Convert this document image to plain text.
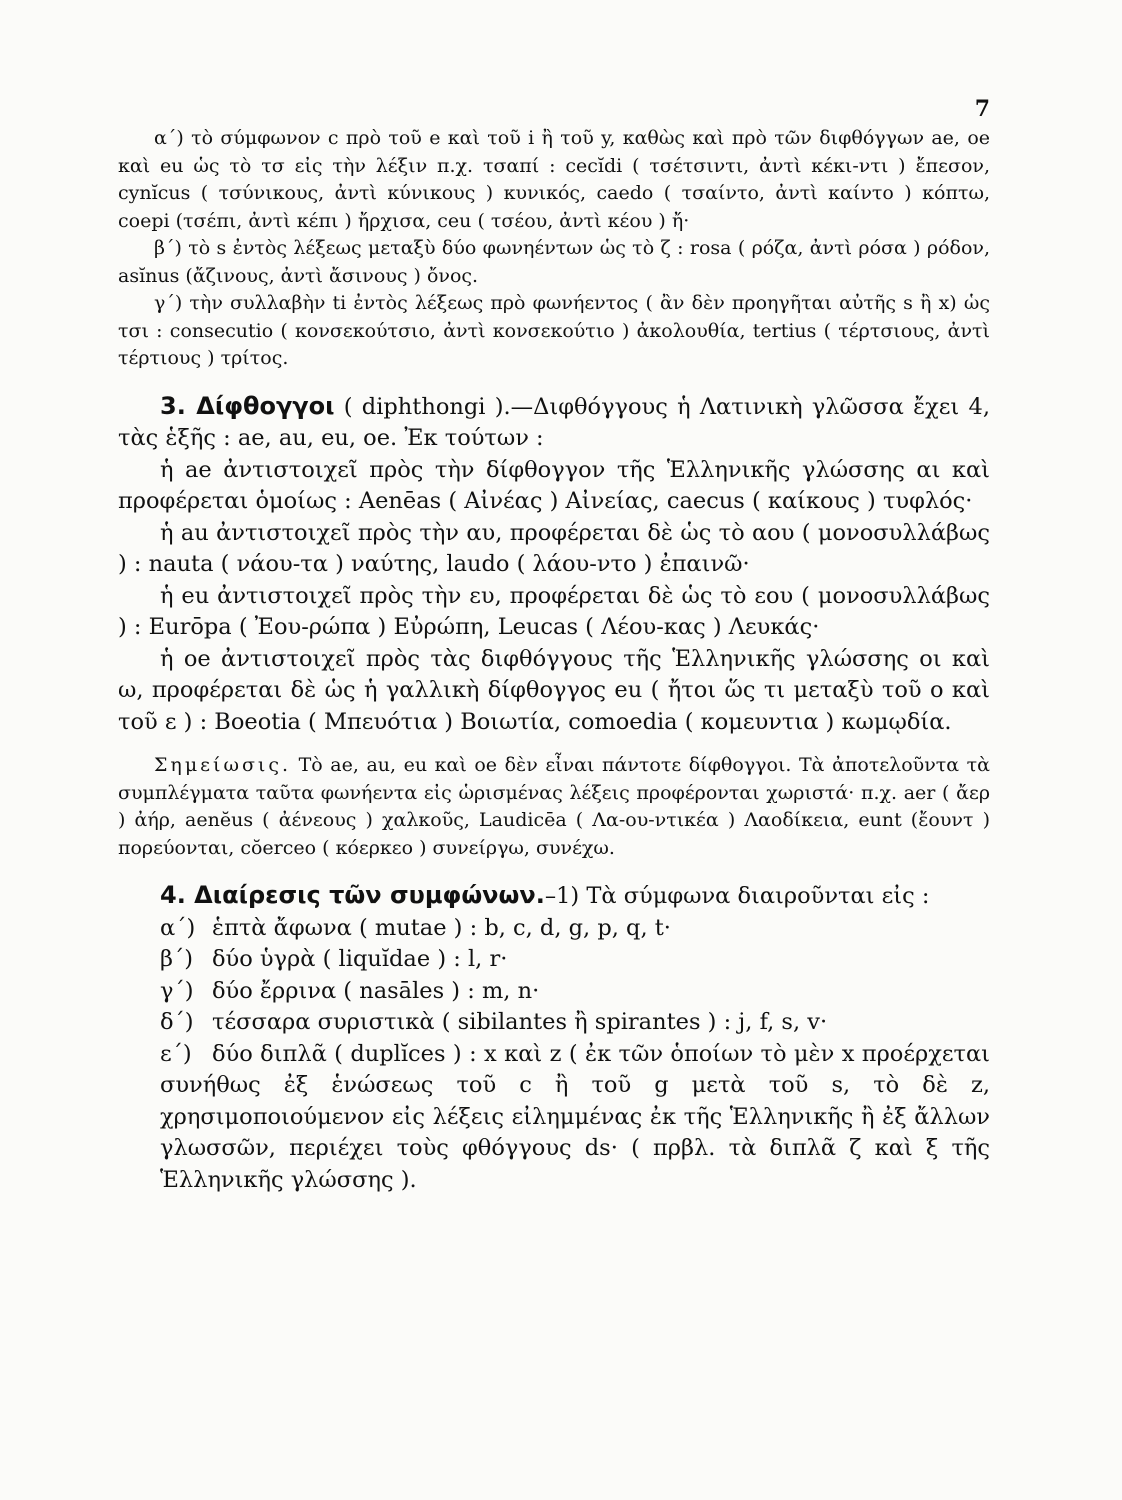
7

α΄) τὸ σύμφωνον c πρὸ τοῦ e καὶ τοῦ i ἢ τοῦ y, καθὼς καὶ πρὸ τῶν διφθόγγων ae, oe καὶ eu ὡς τὸ τσ εἰς τὴν λέξιν π.χ. τσαπί : cecĭdi ( τσέτσιντι, ἀντὶ κέκι-ντι ) ἔπεσον, cynĭcus ( τσύνικους, ἀντὶ κύνικους ) κυνικός, caedo ( τσαίντο, ἀντὶ καίντο ) κόπτω, coepi (τσέπι, ἀντὶ κέπι ) ἤρχισα, ceu ( τσέου, ἀντὶ κέου ) ἤ·

β΄) τὸ s ἐντὸς λέξεως μεταξὺ δύο φωνηέντων ὡς τὸ ζ : rosa ( ρόζα, ἀντὶ ρόσα ) ρόδον, asĭnus (ἄζινους, ἀντὶ ἄσινους ) ὄνος.

γ΄) τὴν συλλαβὴν ti ἐντὸς λέξεως πρὸ φωνήεντος ( ἂν δὲν προηγῆται αὐτῆς s ἢ x) ὡς τσι : consecutio ( κονσεκούτσιο, ἀντὶ κονσεκούτιο ) ἀκολουθία, tertius ( τέρτσιους, ἀντὶ τέρτιους ) τρίτος.

3. Δίφθογγοι ( diphthongi ).—Διφθόγγους ἡ Λατινικὴ γλῶσσα ἔχει 4, τὰς ἑξῆς : ae, au, eu, oe. Ἐκ τούτων :

ἡ ae ἀντιστοιχεῖ πρὸς τὴν δίφθογγον τῆς Ἑλληνικῆς γλώσσης αι καὶ προφέρεται ὁμοίως : Aenēas ( Αἰνέας ) Αἰνείας, caecus ( καίκους ) τυφλός·

ἡ au ἀντιστοιχεῖ πρὸς τὴν αυ, προφέρεται δὲ ὡς τὸ αου ( μονοσυλλάβως ) : nauta ( νάου-τα ) ναύτης, laudo ( λάου-ντο ) ἐπαινῶ·

ἡ eu ἀντιστοιχεῖ πρὸς τὴν ευ, προφέρεται δὲ ὡς τὸ εου ( μονοσυλλάβως ) : Eurōpa ( Ἐου-ρώπα ) Εὐρώπη, Leucas ( Λέου-κας ) Λευκάς·

ἡ oe ἀντιστοιχεῖ πρὸς τὰς διφθόγγους τῆς Ἑλληνικῆς γλώσσης οι καὶ ω, προφέρεται δὲ ὡς ἡ γαλλικὴ δίφθογγος eu ( ἤτοι ὥς τι μεταξὺ τοῦ ο καὶ τοῦ ε ) : Boeotia ( Μπευότια ) Βοιωτία, comoedia ( κομευντια ) κωμῳδία.

Σημείωσις. Τὸ ae, au, eu καὶ oe δὲν εἶναι πάντοτε δίφθογγοι. Τὰ ἀποτελοῦντα τὰ συμπλέγματα ταῦτα φωνήεντα εἰς ὡρισμένας λέξεις προφέρονται χωριστά· π.χ. aer ( ἄερ ) ἀήρ, aenĕus ( ἀένεους ) χαλκοῦς, Laudicēa ( Λα-ου-ντικέα ) Λαοδίκεια, eunt (ἔουντ ) πορεύονται, cŏerceo ( κόερκεο ) συνείργω, συνέχω.

4. Διαίρεσις τῶν συμφώνων.–1) Τὰ σύμφωνα διαιροῦνται εἰς :

α΄) ἑπτὰ ἄφωνα ( mutae ) : b, c, d, g, p, q, t·

β΄) δύο ὑγρὰ ( liquĭdae ) : l, r·

γ΄) δύο ἔρρινα ( nasāles ) : m, n·

δ΄) τέσσαρα συριστικὰ ( sibilantes ἢ spirantes ) : j, f, s, v·

ε΄) δύο διπλᾶ ( duplĭces ) : x καὶ z ( ἐκ τῶν ὁποίων τὸ μὲν x προέρχεται συνήθως ἐξ ἑνώσεως τοῦ c ἢ τοῦ g μετὰ τοῦ s, τὸ δὲ z, χρησιμοποιούμενον εἰς λέξεις εἰλημμένας ἐκ τῆς Ἑλληνικῆς ἢ ἐξ ἄλλων γλωσσῶν, περιέχει τοὺς φθόγγους ds· ( πρβλ. τὰ διπλᾶ ζ καὶ ξ τῆς Ἑλληνικῆς γλώσσης ).
